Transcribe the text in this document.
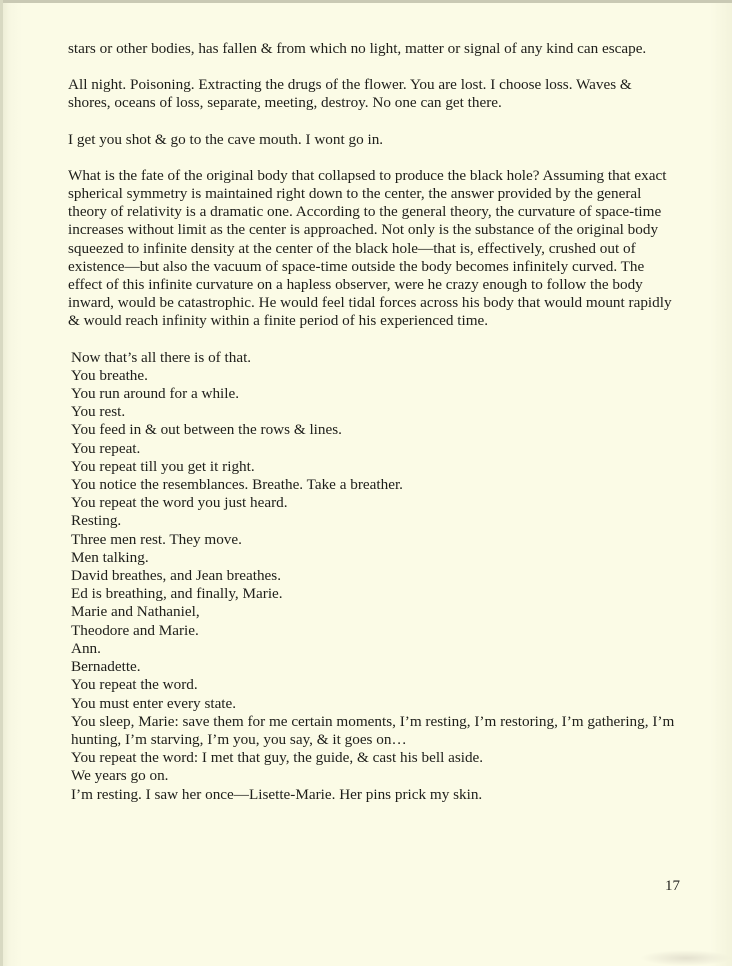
stars or other bodies, has fallen & from which no light, matter or signal of any kind can escape.

All night. Poisoning. Extracting the drugs of the flower. You are lost. I choose loss. Waves & shores, oceans of loss, separate, meeting, destroy. No one can get there.

I get you shot & go to the cave mouth. I wont go in.

What is the fate of the original body that collapsed to produce the black hole? Assuming that exact spherical symmetry is maintained right down to the center, the answer provided by the general theory of relativity is a dramatic one. According to the general theory, the curvature of space-time increases without limit as the center is approached. Not only is the substance of the original body squeezed to infinite density at the center of the black hole—that is, effectively, crushed out of existence—but also the vacuum of space-time outside the body becomes infinitely curved. The effect of this infinite curvature on a hapless observer, were he crazy enough to follow the body inward, would be catastrophic. He would feel tidal forces across his body that would mount rapidly & would reach infinity within a finite period of his experienced time.

Now that’s all there is of that.
You breathe.
You run around for a while.
You rest.
You feed in & out between the rows & lines.
You repeat.
You repeat till you get it right.
You notice the resemblances. Breathe. Take a breather.
You repeat the word you just heard.
Resting.
Three men rest. They move.
Men talking.
David breathes, and Jean breathes.
Ed is breathing, and finally, Marie.
Marie and Nathaniel,
Theodore and Marie.
Ann.
Bernadette.
You repeat the word.
You must enter every state.
You sleep, Marie: save them for me certain moments, I’m resting, I’m restoring, I’m gathering, I’m hunting, I’m starving, I’m you, you say, & it goes on…
You repeat the word: I met that guy, the guide, & cast his bell aside.
We years go on.
I’m resting. I saw her once—Lisette-Marie. Her pins prick my skin.
17
